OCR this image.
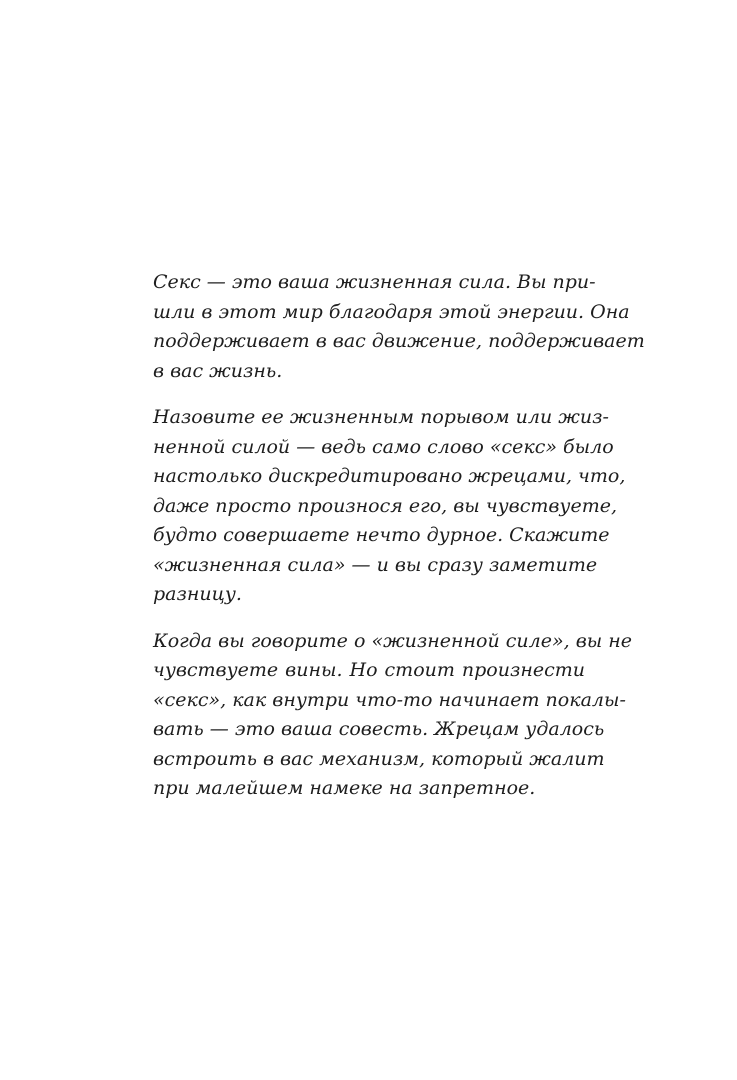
Секс — это ваша жизненная сила. Вы при-
шли в этот мир благодаря этой энергии. Она
поддерживает в вас движение, поддерживает
в вас жизнь.

Назовите ее жизненным порывом или жиз-
ненной силой — ведь само слово «секс» было
настолько дискредитировано жрецами, что,
даже просто произнося его, вы чувствуете,
будто совершаете нечто дурное. Скажите
«жизненная сила» — и вы сразу заметите
разницу.

Когда вы говорите о «жизненной силе», вы не
чувствуете вины. Но стоит произнести
«секс», как внутри что-то начинает покалы-
вать — это ваша совесть. Жрецам удалось
встроить в вас механизм, который жалит
при малейшем намеке на запретное.
